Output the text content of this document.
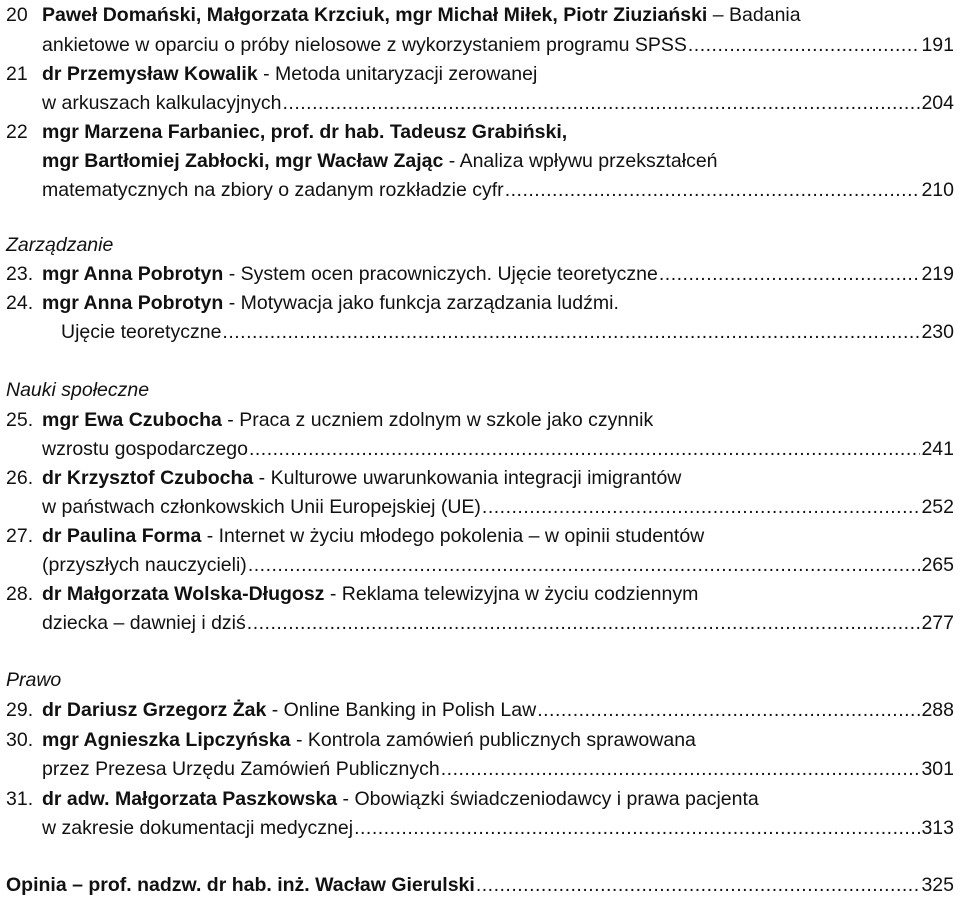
20 Paweł Domański, Małgorzata Krzciuk, mgr Michał Miłek, Piotr Ziuziański – Badania
ankietowe w oparciu o próby nielosowe z wykorzystaniem programu SPSS .....	191
21 dr Przemysław Kowalik - Metoda unitaryzacji zerowanej
w arkuszach kalkulacyjnych .....	204
22 mgr Marzena Farbaniec, prof. dr hab. Tadeusz Grabiński,
mgr Bartłomiej Zabłocki, mgr Wacław Zając - Analiza wpływu przekształceń
matematycznych na zbiory o zadanym rozkładzie cyfr .....	210
Zarządzanie
23. mgr Anna Pobrotyn - System ocen pracowniczych. Ujęcie teoretyczne .....	219
24. mgr Anna Pobrotyn - Motywacja jako funkcja zarządzania ludźmi.
Ujęcie teoretyczne .....	230
Nauki społeczne
25. mgr Ewa Czubocha - Praca z uczniem zdolnym w szkole jako czynnik
wzrostu gospodarczego .....	241
26. dr Krzysztof Czubocha - Kulturowe uwarunkowania integracji imigrantów
w państwach członkowskich Unii Europejskiej (UE) .....	252
27. dr Paulina Forma - Internet w życiu młodego pokolenia – w opinii studentów
(przyszłych nauczycieli) .....	265
28. dr Małgorzata Wolska-Długosz - Reklama telewizyjna w życiu codziennym
dziecka – dawniej i dziś .....	277
Prawo
29. dr Dariusz Grzegorz Żak - Online Banking in Polish Law .....	288
30. mgr Agnieszka Lipczyńska - Kontrola zamówień publicznych sprawowana
przez Prezesa Urzędu Zamówień Publicznych .....	301
31. dr adw. Małgorzata Paszkowska - Obowiązki świadczeniodawcy i prawa pacjenta
w zakresie dokumentacji medycznej .....	313
Opinia – prof. nadzw. dr hab. inż. Wacław Gierulski .....	325
